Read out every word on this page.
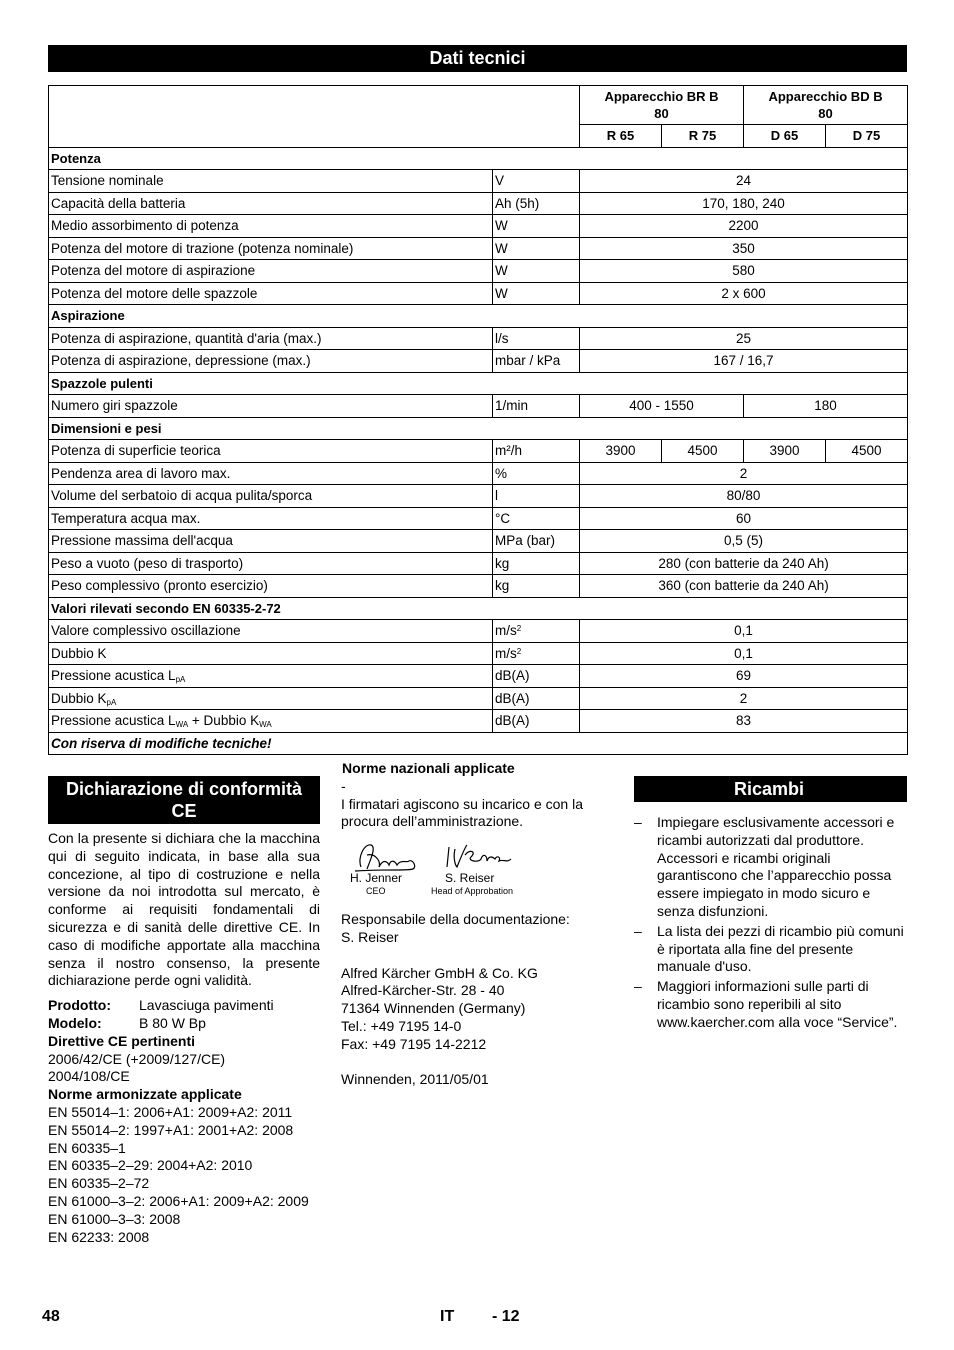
Dati tecnici
		Apparecchio BR B 80		Apparecchio BD B 80	
		R 65	R 75	D 65	D 75
Potenza					
Tensione nominale	V	24			
Capacità della batteria	Ah (5h)	170, 180, 240			
Medio assorbimento di potenza	W	2200			
Potenza del motore di trazione (potenza nominale)	W	350			
Potenza del motore di aspirazione	W	580			
Potenza del motore delle spazzole	W	2 x 600			
Aspirazione					
Potenza di aspirazione, quantità d'aria (max.)	l/s	25			
Potenza di aspirazione, depressione (max.)	mbar / kPa	167 / 16,7			
Spazzole pulenti					
Numero giri spazzole	1/min	400 - 1550		180	
Dimensioni e pesi					
Potenza di superficie teorica	m²/h	3900	4500	3900	4500
Pendenza area di lavoro max.	%	2			
Volume del serbatoio di acqua pulita/sporca	l	80/80			
Temperatura acqua max.	°C	60			
Pressione massima dell'acqua	MPa (bar)	0,5 (5)			
Peso a vuoto (peso di trasporto)	kg	280 (con batterie da 240 Ah)			
Peso complessivo (pronto esercizio)	kg	360 (con batterie da 240 Ah)			
Valori rilevati secondo EN 60335-2-72					
Valore complessivo oscillazione	$m/s^2$	0,1			
Dubbio K	$m/s^2$	0,1			
Pressione acustica $L_{pA}$	dB(A)	69			
Dubbio $K_{pA}$	dB(A)	2			
Pressione acustica $L_{WA}$ + Dubbio $K_{WA}$	dB(A)	83			
Con riserva di modifiche tecniche!					
Dichiarazione di conformità CE

Con la presente si dichiara che la macchina qui di seguito indicata, in base alla sua concezione, al tipo di costruzione e nella versione da noi introdotta sul mercato, è conforme ai requisiti fondamentali di sicurezza e di sanità delle direttive CE. In caso di modifiche apportate alla macchina senza il nostro consenso, la presente dichiarazione perde ogni validità.

Prodotto:	Lavasciuga pavimenti
Modelo:	B 80 W Bp
Direttive CE pertinenti
2006/42/CE (+2009/127/CE)
2004/108/CE
Norme armonizzate applicate
EN 55014–1: 2006+A1: 2009+A2: 2011
EN 55014–2: 1997+A1: 2001+A2: 2008
EN 60335–1
EN 60335–2–29: 2004+A2: 2010
EN 60335–2–72
EN 61000–3–2: 2006+A1: 2009+A2: 2009
EN 61000–3–3: 2008
EN 62233: 2008
Norme nazionali applicate
-

I firmatari agiscono su incarico e con la procura dell’amministrazione.

H. Jenner	S. Reiser
CEO	Head of Approbation
Responsabile della documentazione:
S. Reiser
Alfred Kärcher GmbH & Co. KG
Alfred-Kärcher-Str. 28 - 40
71364 Winnenden (Germany)
Tel.: +49 7195 14-0
Fax: +49 7195 14-2212
Winnenden, 2011/05/01
Ricambi
– Impiegare esclusivamente accessori e ricambi autorizzati dal produttore. Accessori e ricambi originali garantiscono che l’apparecchio possa essere impiegato in modo sicuro e senza disfunzioni.
– La lista dei pezzi di ricambio più comuni è riportata alla fine del presente manuale d'uso.
– Maggiori informazioni sulle parti di ricambio sono reperibili al sito www.kaercher.com alla voce “Service”.
48	IT - 12
